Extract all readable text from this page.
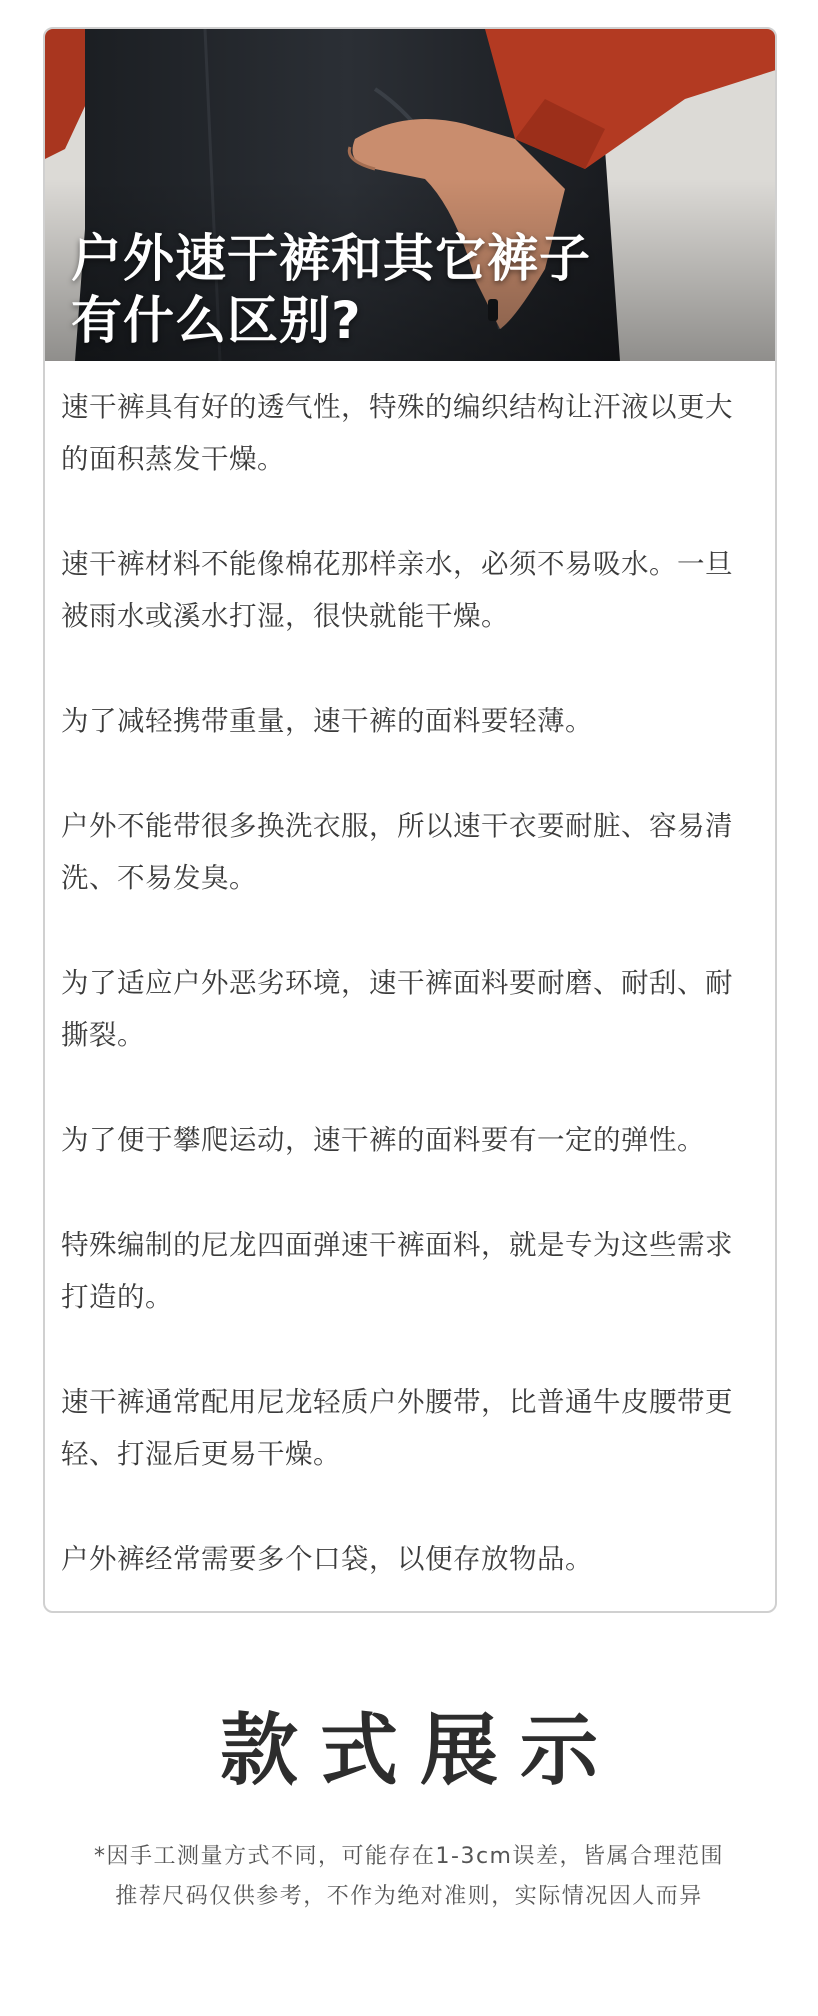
户外速干裤和其它裤子
有什么区别?

速干裤具有好的透气性，特殊的编织结构让汗液以更大的面积蒸发干燥。

速干裤材料不能像棉花那样亲水，必须不易吸水。一旦被雨水或溪水打湿，很快就能干燥。

为了减轻携带重量，速干裤的面料要轻薄。

户外不能带很多换洗衣服，所以速干衣要耐脏、容易清洗、不易发臭。

为了适应户外恶劣环境，速干裤面料要耐磨、耐刮、耐撕裂。

为了便于攀爬运动，速干裤的面料要有一定的弹性。

特殊编制的尼龙四面弹速干裤面料，就是专为这些需求打造的。

速干裤通常配用尼龙轻质户外腰带，比普通牛皮腰带更轻、打湿后更易干燥。

户外裤经常需要多个口袋，以便存放物品。

款式展示
*因手工测量方式不同，可能存在1-3cm误差，皆属合理范围
推荐尺码仅供参考，不作为绝对准则，实际情况因人而异
